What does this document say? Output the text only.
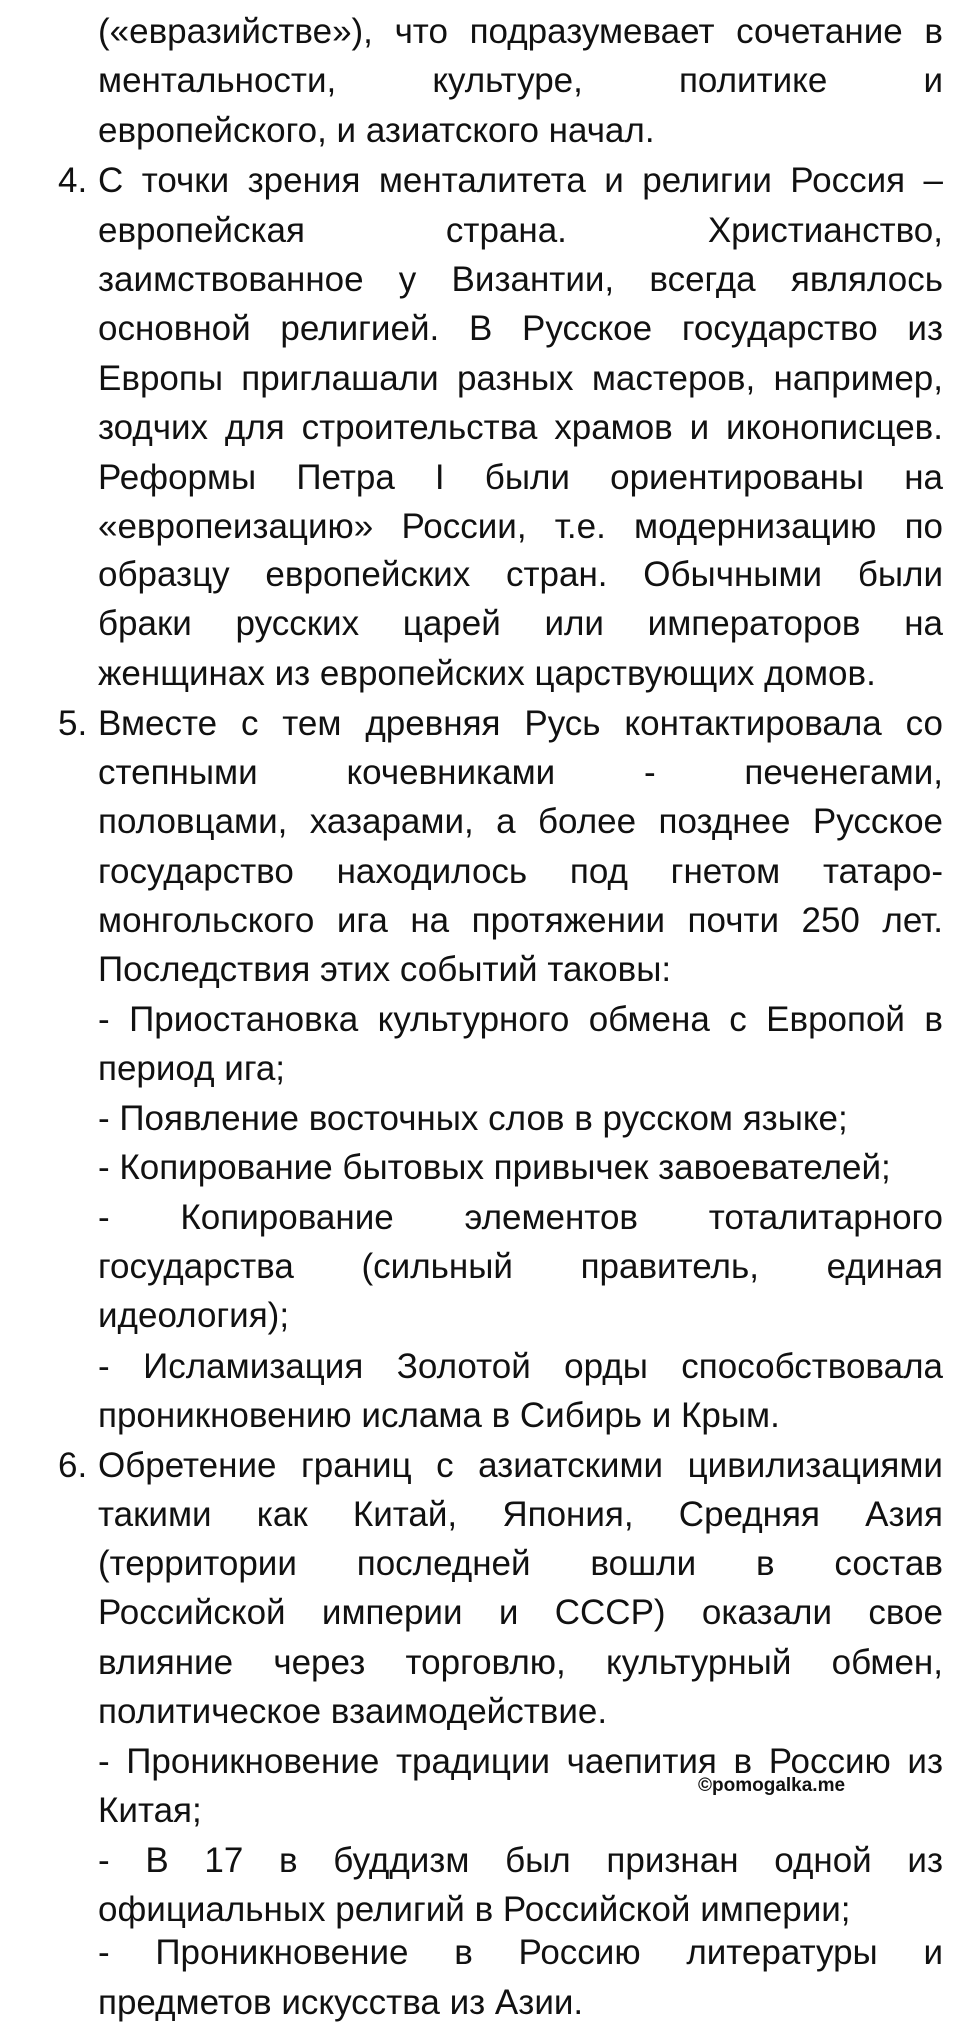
(«евразийстве»), что подразумевает сочетание в
ментальности, культуре, политике и
европейского, и азиатского начал.
4. С точки зрения менталитета и религии Россия –
европейская страна. Христианство,
заимствованное у Византии, всегда являлось
основной религией. В Русское государство из
Европы приглашали разных мастеров, например,
зодчих для строительства храмов и иконописцев.
Реформы Петра I были ориентированы на
«европеизацию» России, т.е. модернизацию по
образцу европейских стран. Обычными были
браки русских царей или императоров на
женщинах из европейских царствующих домов.
5. Вместе с тем древняя Русь контактировала со
степными кочевниками - печенегами,
половцами, хазарами, а более позднее Русское
государство находилось под гнетом татаро-
монгольского ига на протяжении почти 250 лет.
Последствия этих событий таковы:
- Приостановка культурного обмена с Европой в
период ига;
- Появление восточных слов в русском языке;
- Копирование бытовых привычек завоевателей;
- Копирование элементов тоталитарного
государства (сильный правитель, единая
идеология);
- Исламизация Золотой орды способствовала
проникновению ислама в Сибирь и Крым.
6. Обретение границ с азиатскими цивилизациями
такими как Китай, Япония, Средняя Азия
(территории последней вошли в состав
Российской империи и СССР) оказали свое
влияние через торговлю, культурный обмен,
политическое взаимодействие.
- Проникновение традиции чаепития в Россию из
Китая;
- В 17 в буддизм был признан одной из
официальных религий в Российской империи;
- Проникновение в Россию литературы и
предметов искусства из Азии.
©pomogalka.me
